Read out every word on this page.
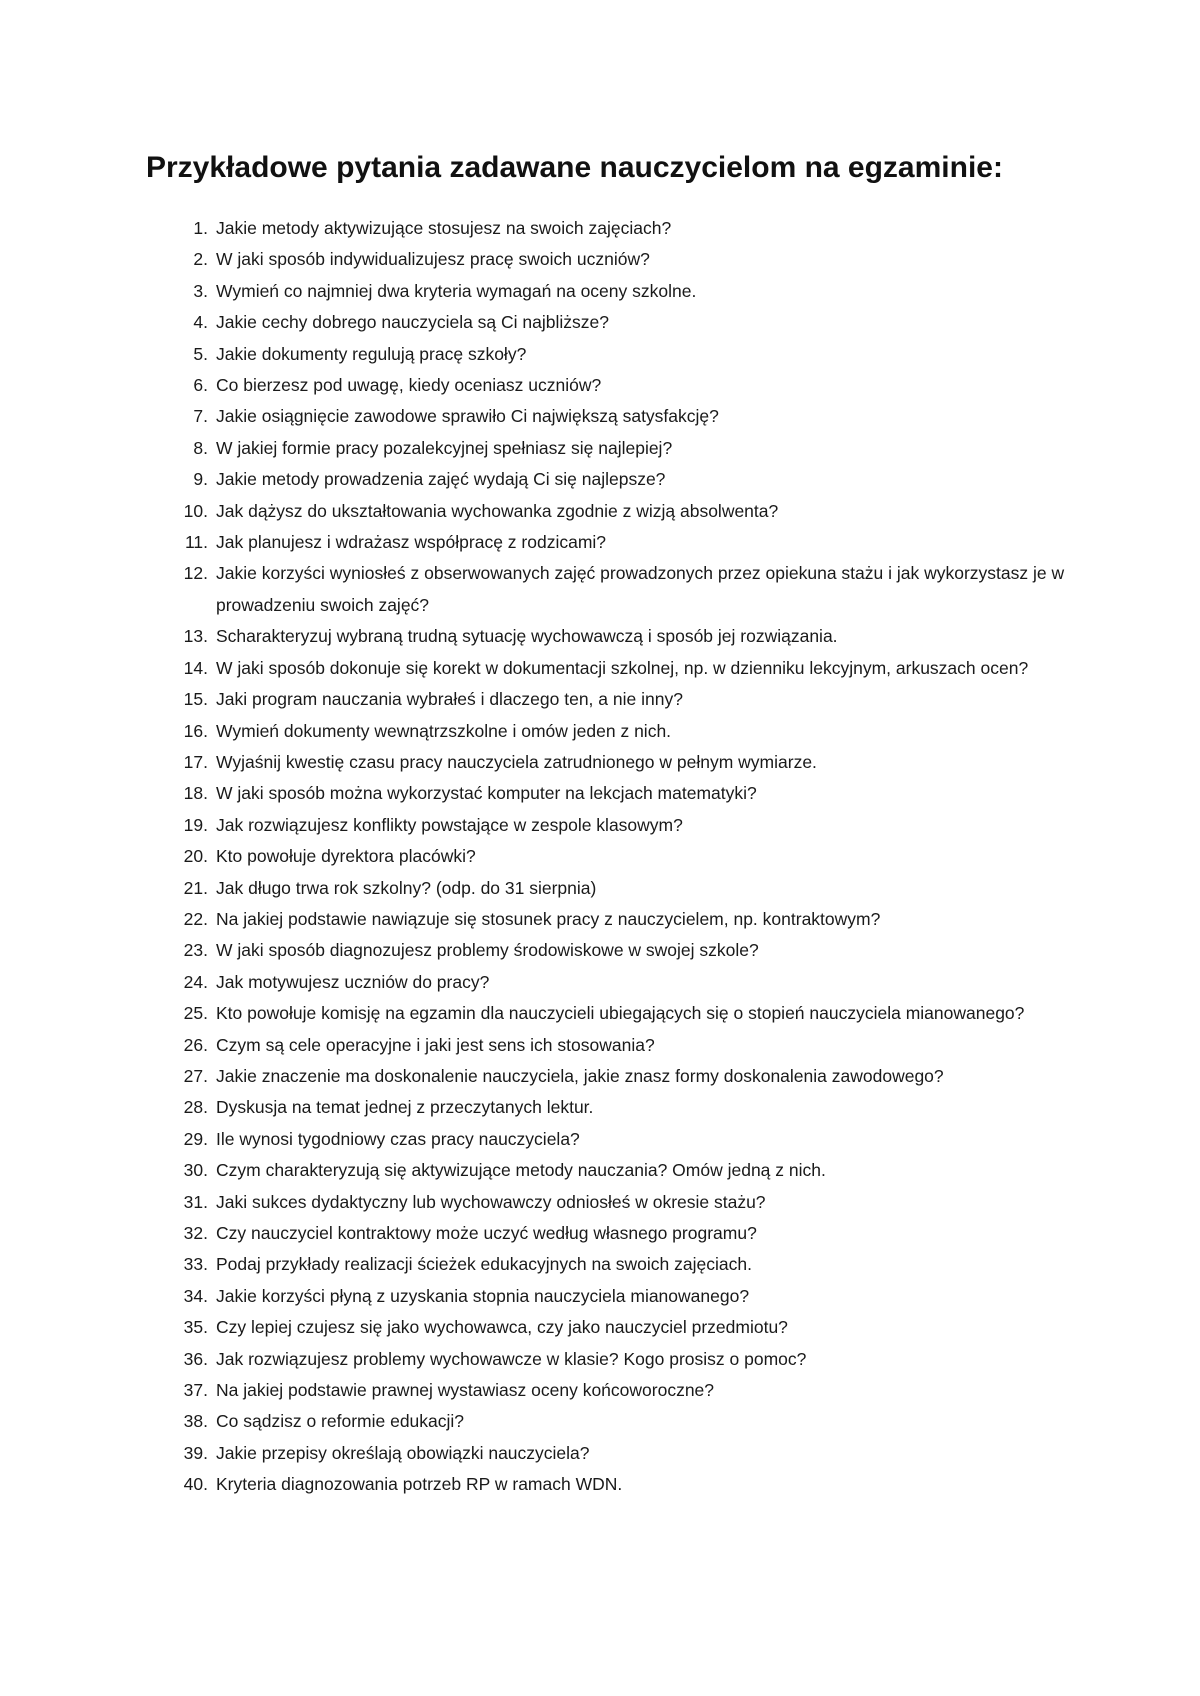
Przykładowe pytania zadawane nauczycielom na egzaminie:
1. Jakie metody aktywizujące stosujesz na swoich zajęciach?
2. W jaki sposób indywidualizujesz pracę swoich uczniów?
3. Wymień co najmniej dwa kryteria wymagań na oceny szkolne.
4. Jakie cechy dobrego nauczyciela są Ci najbliższe?
5. Jakie dokumenty regulują pracę szkoły?
6. Co bierzesz pod uwagę, kiedy oceniasz uczniów?
7. Jakie osiągnięcie zawodowe sprawiło Ci największą satysfakcję?
8. W jakiej formie pracy pozalekcyjnej spełniasz się najlepiej?
9. Jakie metody prowadzenia zajęć wydają Ci się najlepsze?
10. Jak dążysz do ukształtowania wychowanka zgodnie z wizją absolwenta?
11. Jak planujesz i wdrażasz współpracę z rodzicami?
12. Jakie korzyści wyniosłeś z obserwowanych zajęć prowadzonych przez opiekuna stażu i jak wykorzystasz je w prowadzeniu swoich zajęć?
13. Scharakteryzuj wybraną trudną sytuację wychowawczą i sposób jej rozwiązania.
14. W jaki sposób dokonuje się korekt w dokumentacji szkolnej, np. w dzienniku lekcyjnym, arkuszach ocen?
15. Jaki program nauczania wybrałeś i dlaczego ten, a nie inny?
16. Wymień dokumenty wewnątrzszkolne i omów jeden z nich.
17. Wyjaśnij kwestię czasu pracy nauczyciela zatrudnionego w pełnym wymiarze.
18. W jaki sposób można wykorzystać komputer na lekcjach matematyki?
19. Jak rozwiązujesz konflikty powstające w zespole klasowym?
20. Kto powołuje dyrektora placówki?
21. Jak długo trwa rok szkolny? (odp. do 31 sierpnia)
22. Na jakiej podstawie nawiązuje się stosunek pracy z nauczycielem, np. kontraktowym?
23. W jaki sposób diagnozujesz problemy środowiskowe w swojej szkole?
24. Jak motywujesz uczniów do pracy?
25. Kto powołuje komisję na egzamin dla nauczycieli ubiegających się o stopień nauczyciela mianowanego?
26. Czym są cele operacyjne i jaki jest sens ich stosowania?
27. Jakie znaczenie ma doskonalenie nauczyciela, jakie znasz formy doskonalenia zawodowego?
28. Dyskusja na temat jednej z przeczytanych lektur.
29. Ile wynosi tygodniowy czas pracy nauczyciela?
30. Czym charakteryzują się aktywizujące metody nauczania? Omów jedną z nich.
31. Jaki sukces dydaktyczny lub wychowawczy odniosłeś w okresie stażu?
32. Czy nauczyciel kontraktowy może uczyć według własnego programu?
33. Podaj przykłady realizacji ścieżek edukacyjnych na swoich zajęciach.
34. Jakie korzyści płyną z uzyskania stopnia nauczyciela mianowanego?
35. Czy lepiej czujesz się jako wychowawca, czy jako nauczyciel przedmiotu?
36. Jak rozwiązujesz problemy wychowawcze w klasie? Kogo prosisz o pomoc?
37. Na jakiej podstawie prawnej wystawiasz oceny końcoworoczne?
38. Co sądzisz o reformie edukacji?
39. Jakie przepisy określają obowiązki nauczyciela?
40. Kryteria diagnozowania potrzeb RP w ramach WDN.
